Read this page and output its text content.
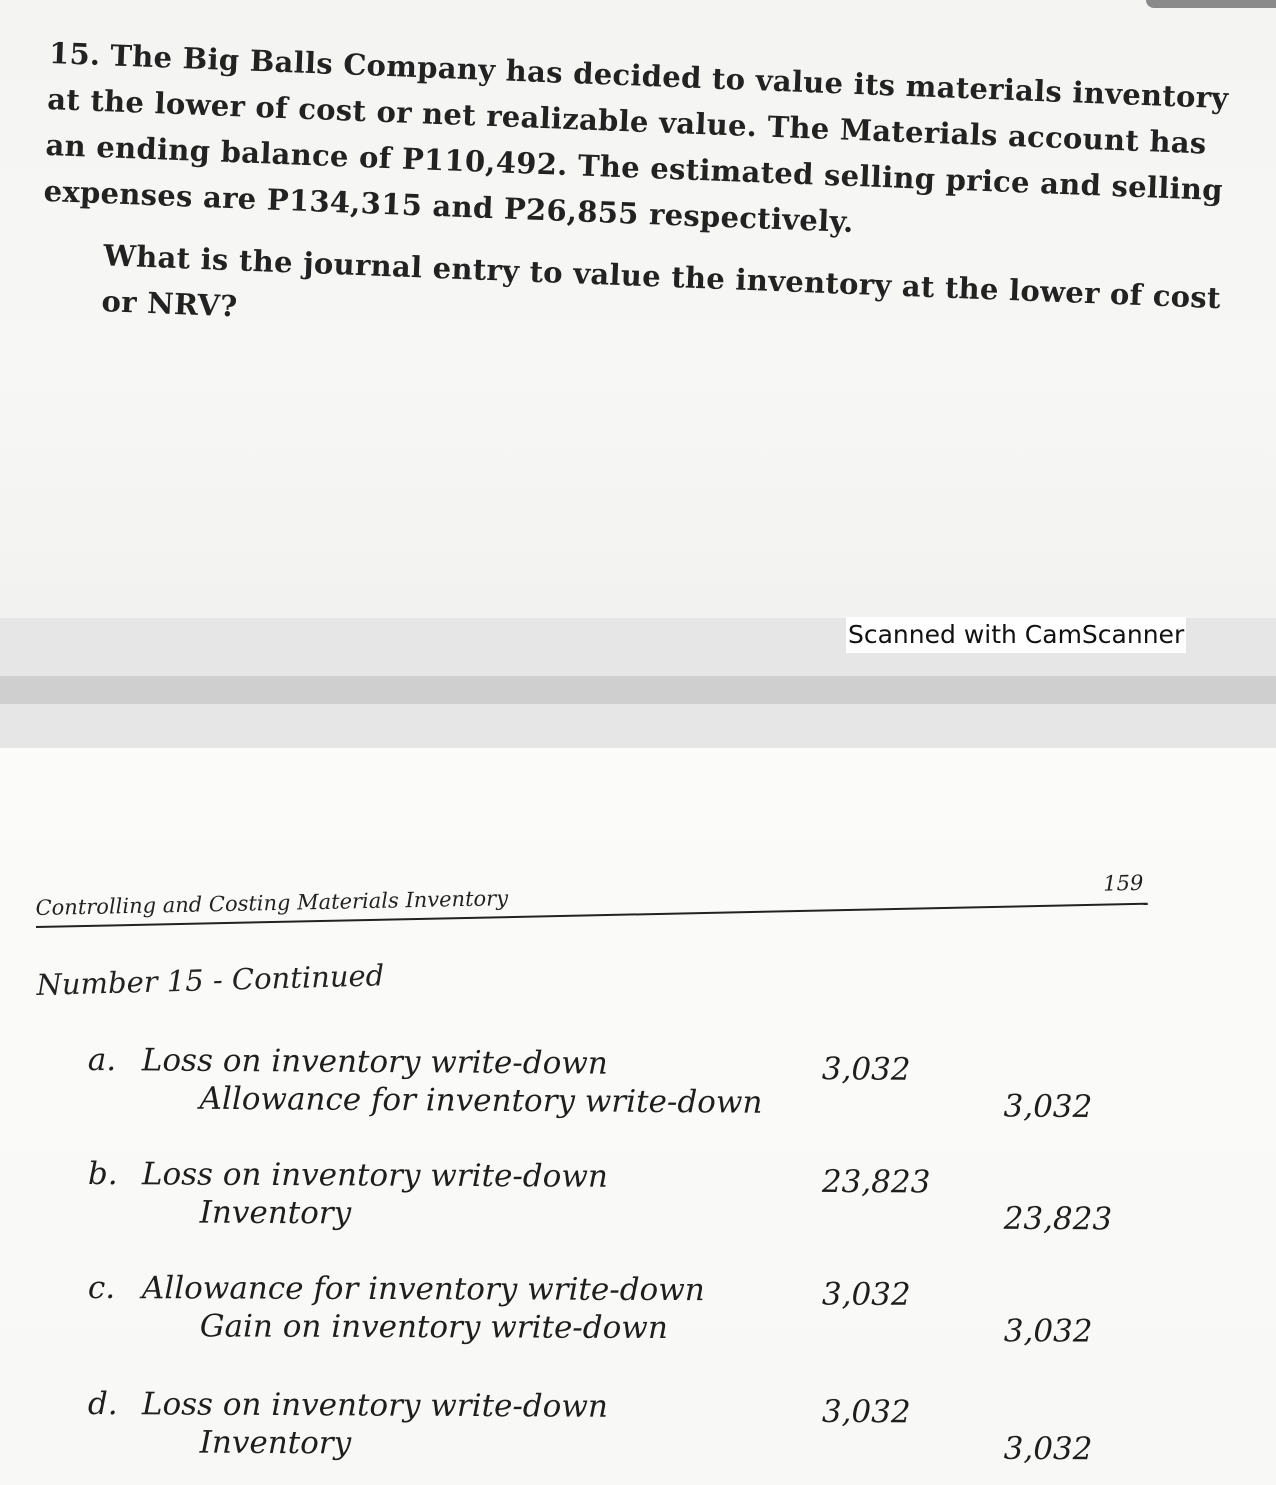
15. The Big Balls Company has decided to value its materials inventory at the lower of cost or net realizable value. The Materials account has an ending balance of P110,492. The estimated selling price and selling expenses are P134,315 and P26,855 respectively.

What is the journal entry to value the inventory at the lower of cost or NRV?

Scanned with CamScanner
Controlling and Costing Materials Inventory
159
Number 15 - Continued
a. Loss on inventory write-down
Allowance for inventory write-down
3,032
3,032
b. Loss on inventory write-down
Inventory
23,823
23,823
c. Allowance for inventory write-down
Gain on inventory write-down
3,032
3,032
d. Loss on inventory write-down
Inventory
3,032
3,032
